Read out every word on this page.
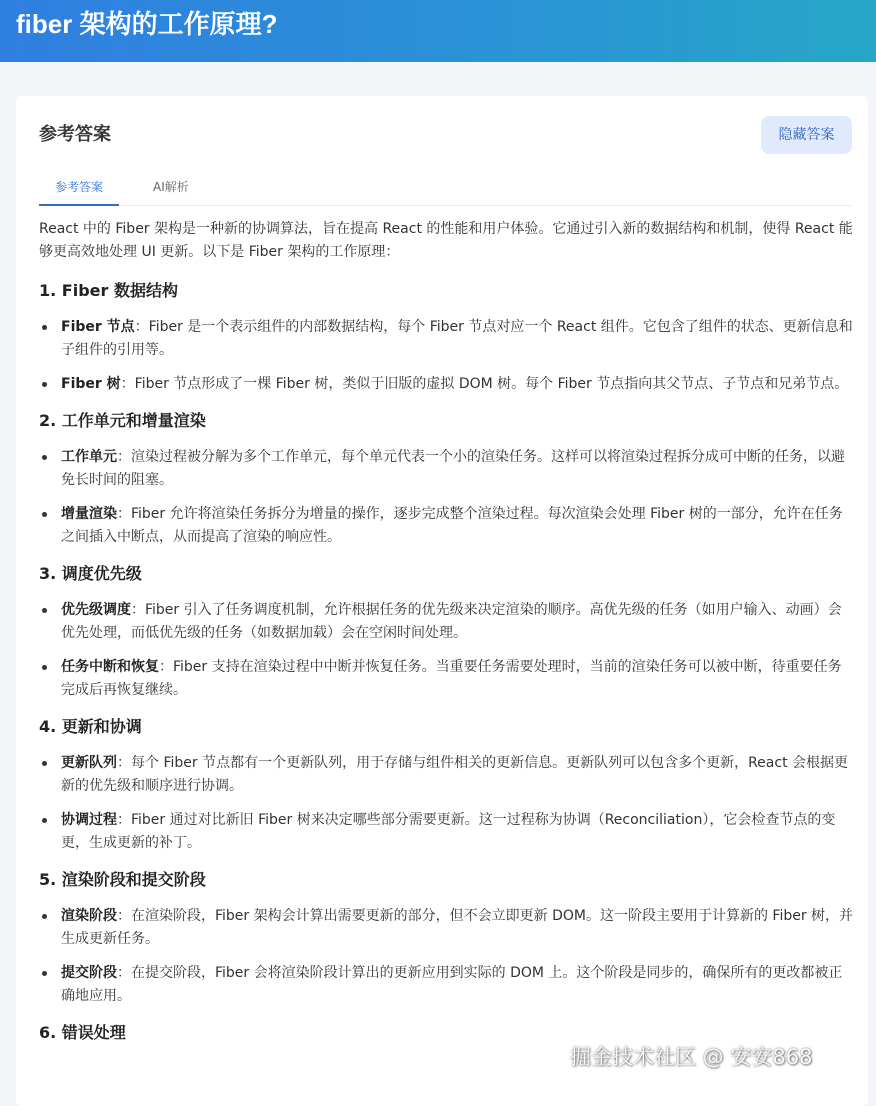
fiber 架构的工作原理?
参考答案	隐藏答案
参考答案	AI解析

React 中的 Fiber 架构是一种新的协调算法，旨在提高 React 的性能和用户体验。它通过引入新的数据结构和机制，使得 React 能够更高效地处理 UI 更新。以下是 Fiber 架构的工作原理：

1. Fiber 数据结构
Fiber 节点：Fiber 是一个表示组件的内部数据结构，每个 Fiber 节点对应一个 React 组件。它包含了组件的状态、更新信息和子组件的引用等。
Fiber 树：Fiber 节点形成了一棵 Fiber 树，类似于旧版的虚拟 DOM 树。每个 Fiber 节点指向其父节点、子节点和兄弟节点。
2. 工作单元和增量渲染
工作单元：渲染过程被分解为多个工作单元，每个单元代表一个小的渲染任务。这样可以将渲染过程拆分成可中断的任务，以避免长时间的阻塞。
增量渲染：Fiber 允许将渲染任务拆分为增量的操作，逐步完成整个渲染过程。每次渲染会处理 Fiber 树的一部分，允许在任务之间插入中断点，从而提高了渲染的响应性。
3. 调度优先级
优先级调度：Fiber 引入了任务调度机制，允许根据任务的优先级来决定渲染的顺序。高优先级的任务（如用户输入、动画）会优先处理，而低优先级的任务（如数据加载）会在空闲时间处理。
任务中断和恢复：Fiber 支持在渲染过程中中断并恢复任务。当重要任务需要处理时，当前的渲染任务可以被中断，待重要任务完成后再恢复继续。
4. 更新和协调
更新队列：每个 Fiber 节点都有一个更新队列，用于存储与组件相关的更新信息。更新队列可以包含多个更新，React 会根据更新的优先级和顺序进行协调。
协调过程：Fiber 通过对比新旧 Fiber 树来决定哪些部分需要更新。这一过程称为协调（Reconciliation），它会检查节点的变更，生成更新的补丁。
5. 渲染阶段和提交阶段
渲染阶段：在渲染阶段，Fiber 架构会计算出需要更新的部分，但不会立即更新 DOM。这一阶段主要用于计算新的 Fiber 树，并生成更新任务。
提交阶段：在提交阶段，Fiber 会将渲染阶段计算出的更新应用到实际的 DOM 上。这个阶段是同步的，确保所有的更改都被正确地应用。
6. 错误处理
掘金技术社区 @ 安安868
